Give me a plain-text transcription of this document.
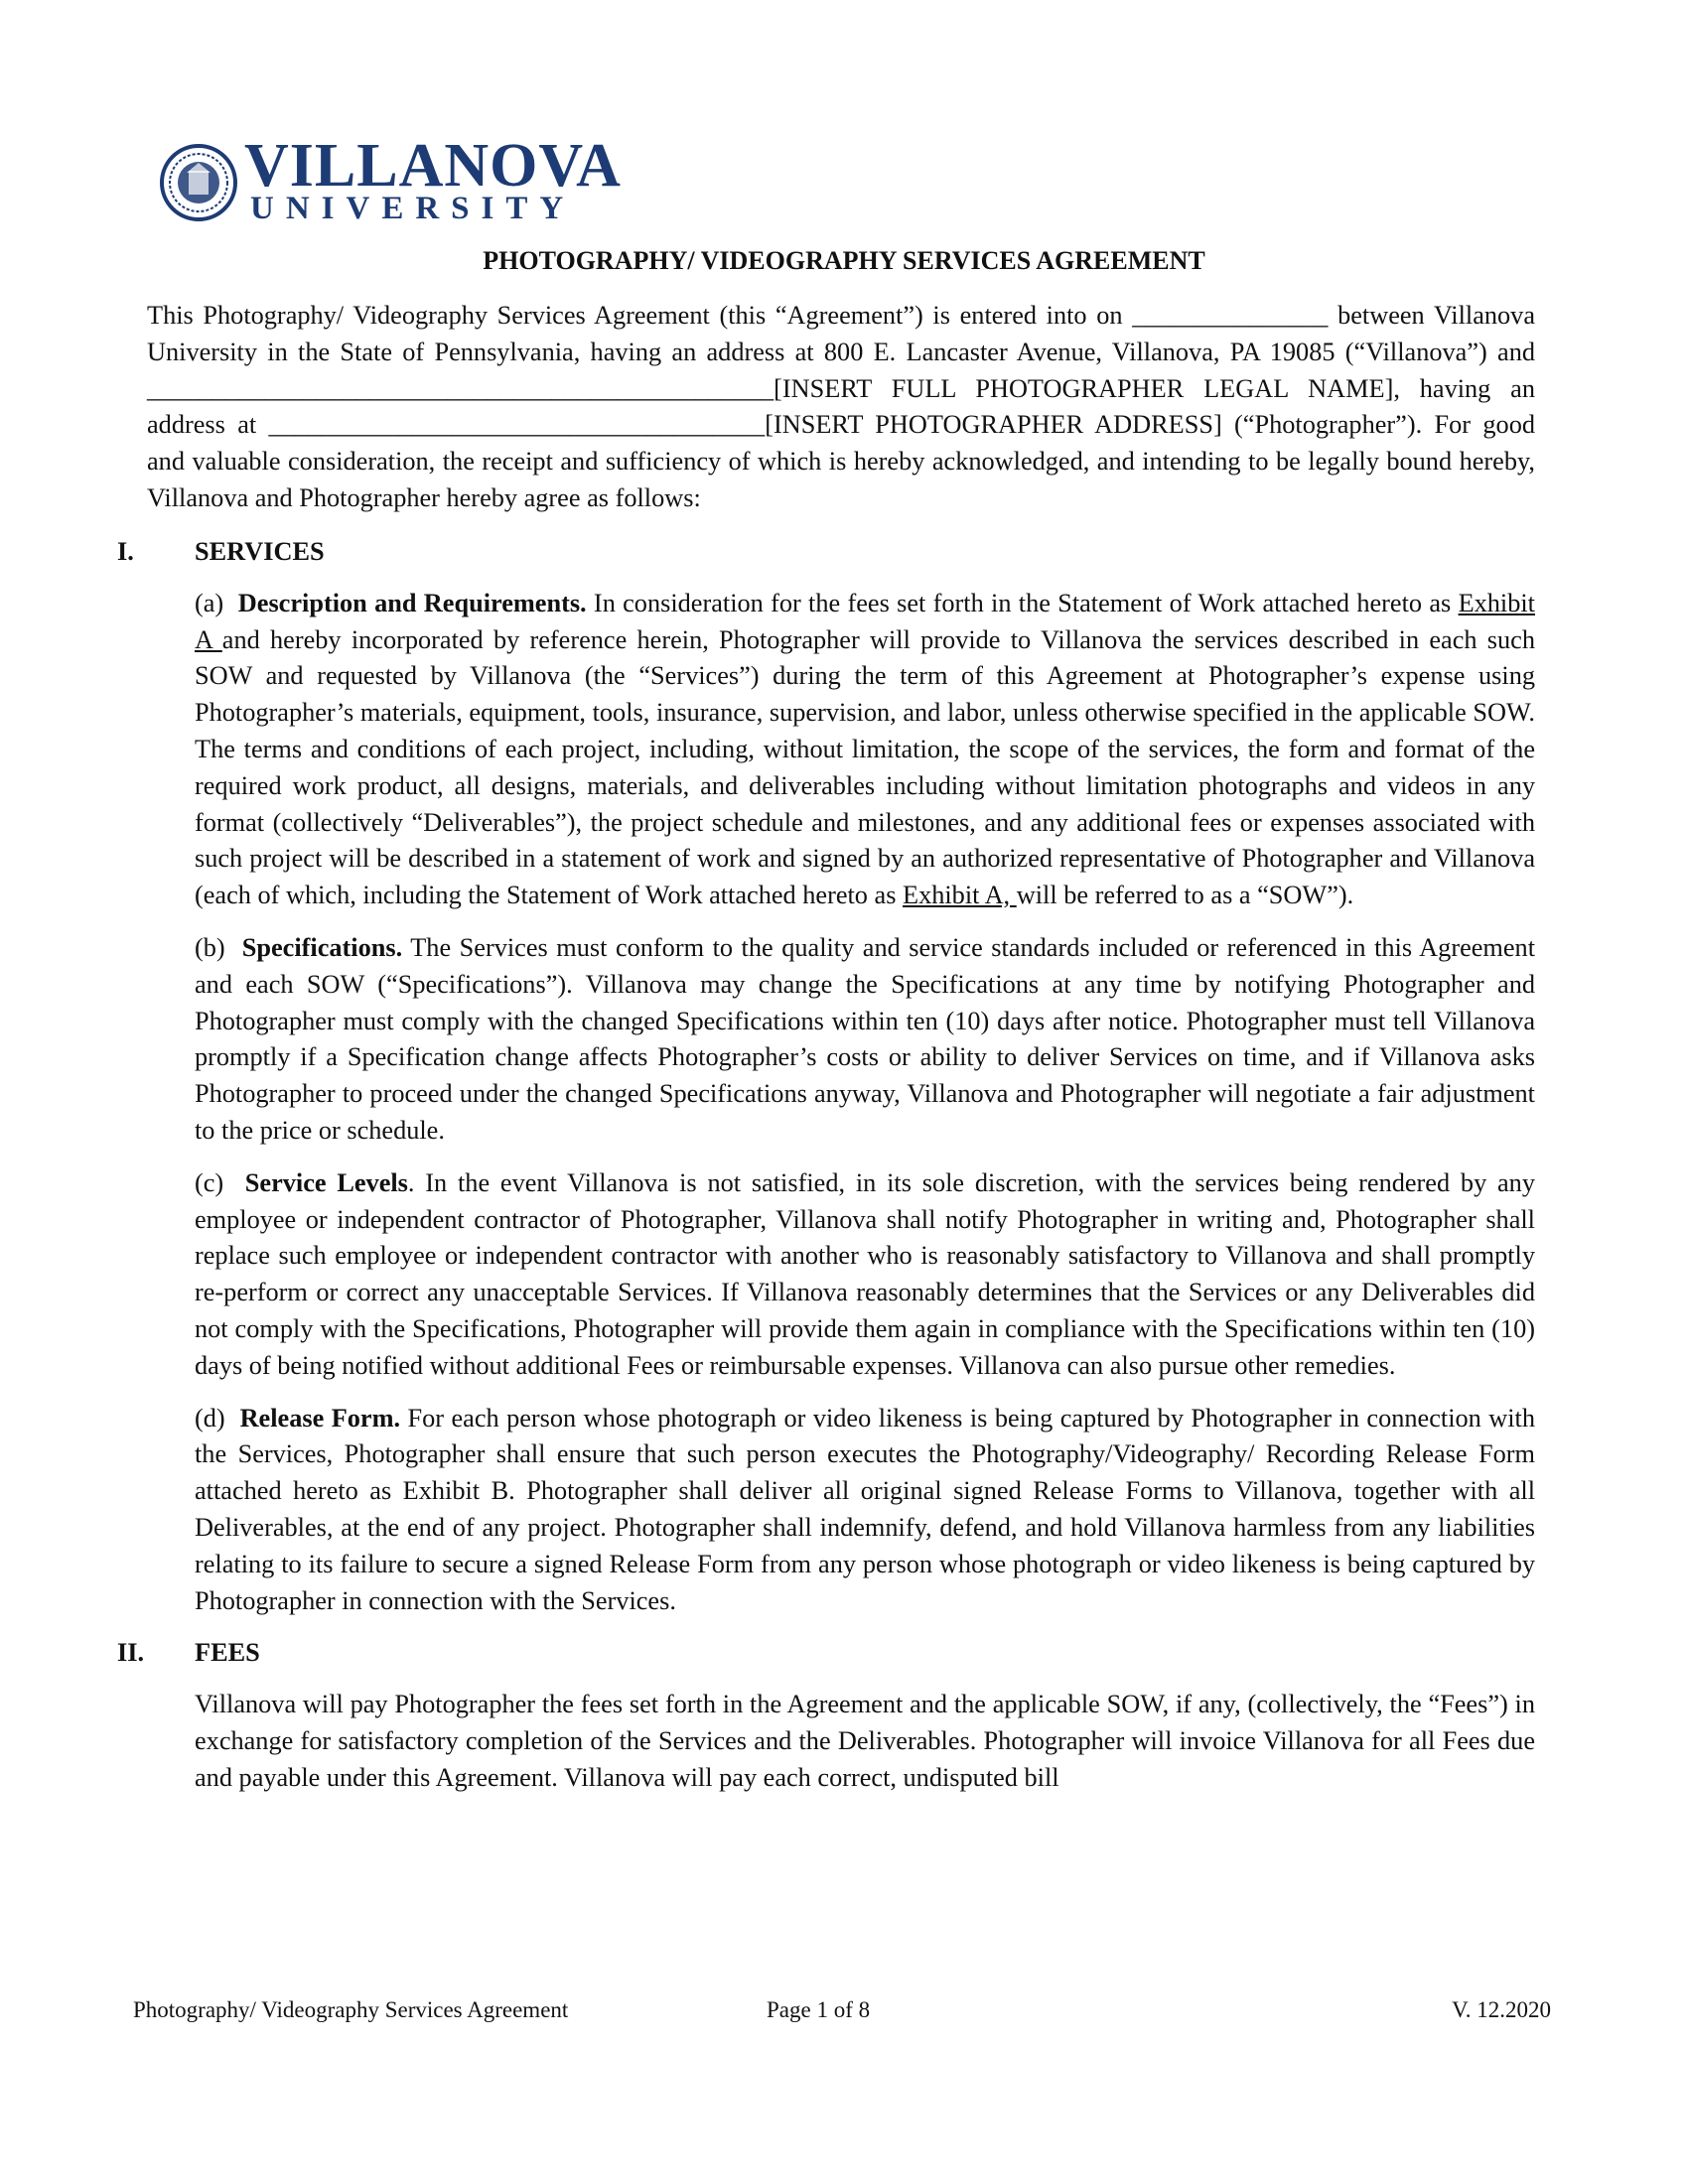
VILLANOVA
UNIVERSITY
PHOTOGRAPHY/ VIDEOGRAPHY SERVICES AGREEMENT

This Photography/ Videography Services Agreement (this “Agreement”) is entered into on _______________ between Villanova University in the State of Pennsylvania, having an address at 800 E. Lancaster Avenue, Villanova, PA 19085 (“Villanova”) and ________________________________________________[INSERT FULL PHOTOGRAPHER LEGAL NAME], having an address at ______________________________________[INSERT PHOTOGRAPHER ADDRESS] (“Photographer”). For good and valuable consideration, the receipt and sufficiency of which is hereby acknowledged, and intending to be legally bound hereby, Villanova and Photographer hereby agree as follows:

I. SERVICES

(a) Description and Requirements. In consideration for the fees set forth in the Statement of Work attached hereto as Exhibit A and hereby incorporated by reference herein, Photographer will provide to Villanova the services described in each such SOW and requested by Villanova (the “Services”) during the term of this Agreement at Photographer’s expense using Photographer’s materials, equipment, tools, insurance, supervision, and labor, unless otherwise specified in the applicable SOW. The terms and conditions of each project, including, without limitation, the scope of the services, the form and format of the required work product, all designs, materials, and deliverables including without limitation photographs and videos in any format (collectively “Deliverables”), the project schedule and milestones, and any additional fees or expenses associated with such project will be described in a statement of work and signed by an authorized representative of Photographer and Villanova (each of which, including the Statement of Work attached hereto as Exhibit A, will be referred to as a “SOW”).

(b) Specifications. The Services must conform to the quality and service standards included or referenced in this Agreement and each SOW (“Specifications”). Villanova may change the Specifications at any time by notifying Photographer and Photographer must comply with the changed Specifications within ten (10) days after notice. Photographer must tell Villanova promptly if a Specification change affects Photographer’s costs or ability to deliver Services on time, and if Villanova asks Photographer to proceed under the changed Specifications anyway, Villanova and Photographer will negotiate a fair adjustment to the price or schedule.

(c) Service Levels. In the event Villanova is not satisfied, in its sole discretion, with the services being rendered by any employee or independent contractor of Photographer, Villanova shall notify Photographer in writing and, Photographer shall replace such employee or independent contractor with another who is reasonably satisfactory to Villanova and shall promptly re-perform or correct any unacceptable Services. If Villanova reasonably determines that the Services or any Deliverables did not comply with the Specifications, Photographer will provide them again in compliance with the Specifications within ten (10) days of being notified without additional Fees or reimbursable expenses. Villanova can also pursue other remedies.

(d) Release Form. For each person whose photograph or video likeness is being captured by Photographer in connection with the Services, Photographer shall ensure that such person executes the Photography/Videography/ Recording Release Form attached hereto as Exhibit B. Photographer shall deliver all original signed Release Forms to Villanova, together with all Deliverables, at the end of any project. Photographer shall indemnify, defend, and hold Villanova harmless from any liabilities relating to its failure to secure a signed Release Form from any person whose photograph or video likeness is being captured by Photographer in connection with the Services.

II. FEES

Villanova will pay Photographer the fees set forth in the Agreement and the applicable SOW, if any, (collectively, the “Fees”) in exchange for satisfactory completion of the Services and the Deliverables. Photographer will invoice Villanova for all Fees due and payable under this Agreement. Villanova will pay each correct, undisputed bill

Photography/ Videography Services Agreement	Page 1 of 8	V. 12.2020
